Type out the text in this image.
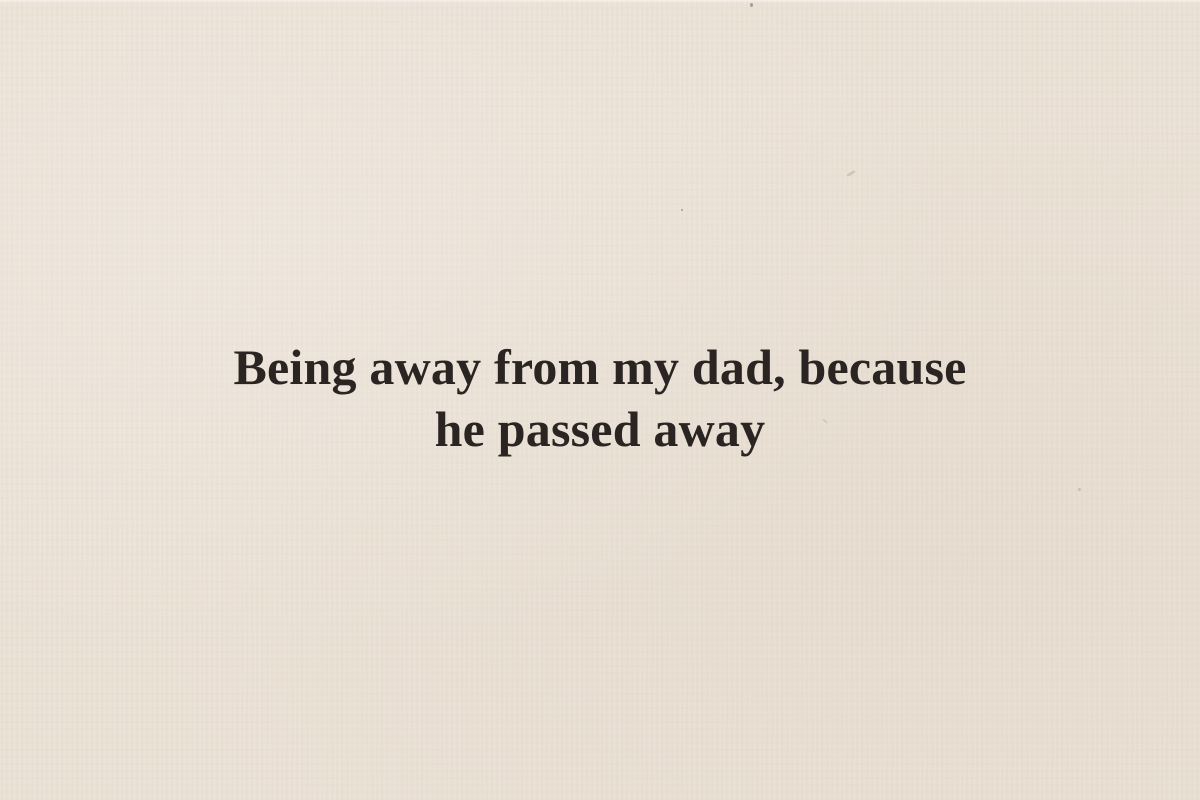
Being away from my dad, because
he passed away
